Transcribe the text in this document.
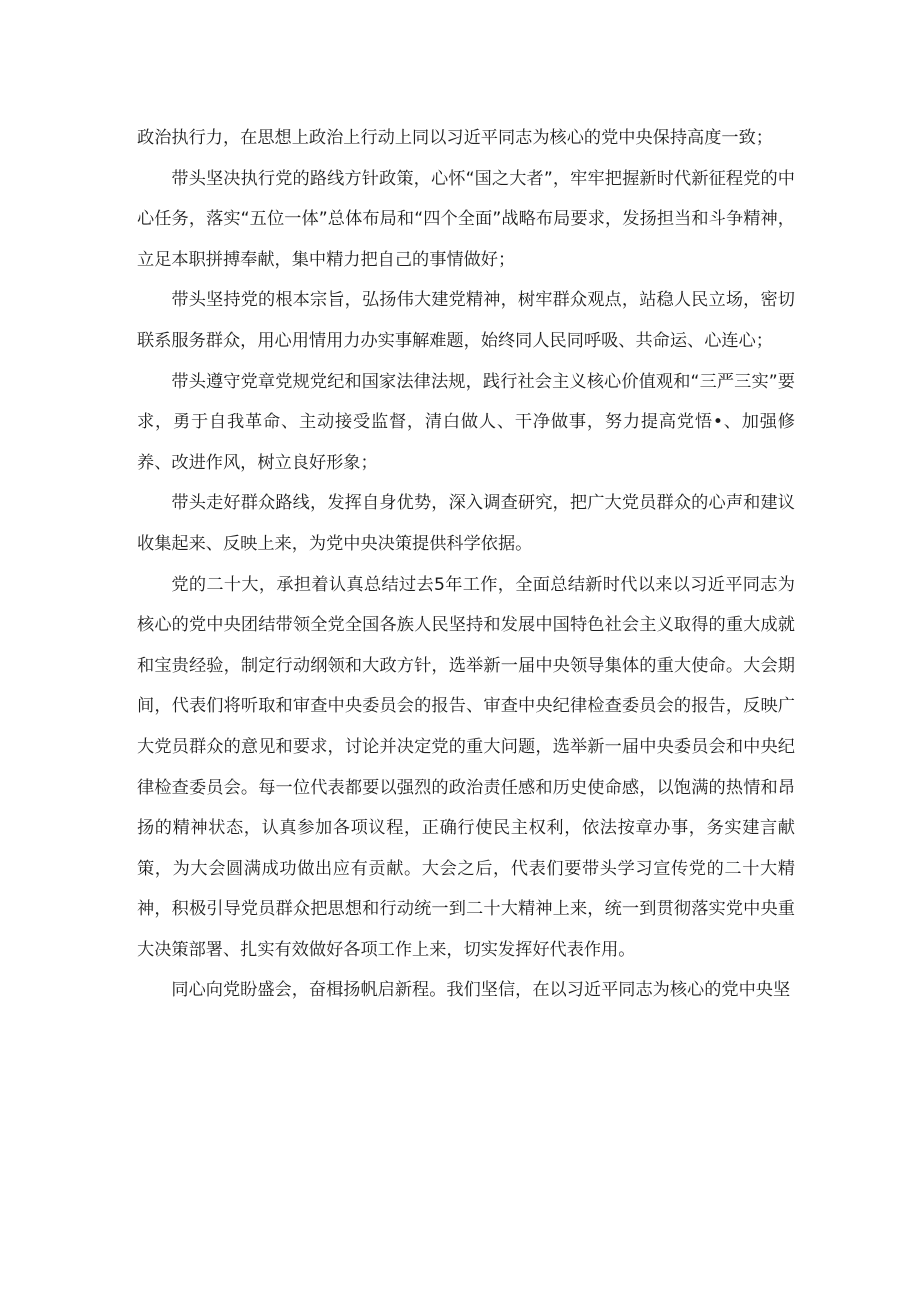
政治执行力，在思想上政治上行动上同以习近平同志为核心的党中央保持高度一致；

带头坚决执行党的路线方针政策，心怀“国之大者”，牢牢把握新时代新征程党的中心任务，落实“五位一体”总体布局和“四个全面”战略布局要求，发扬担当和斗争精神，立足本职拼搏奉献，集中精力把自己的事情做好；

带头坚持党的根本宗旨，弘扬伟大建党精神，树牢群众观点，站稳人民立场，密切联系服务群众，用心用情用力办实事解难题，始终同人民同呼吸、共命运、心连心；

带头遵守党章党规党纪和国家法律法规，践行社会主义核心价值观和“三严三实”要求，勇于自我革命、主动接受监督，清白做人、干净做事，努力提高党悟•、加强修养、改进作风，树立良好形象；

带头走好群众路线，发挥自身优势，深入调查研究，把广大党员群众的心声和建议收集起来、反映上来，为党中央决策提供科学依据。

党的二十大，承担着认真总结过去5年工作，全面总结新时代以来以习近平同志为核心的党中央团结带领全党全国各族人民坚持和发展中国特色社会主义取得的重大成就和宝贵经验，制定行动纲领和大政方针，选举新一届中央领导集体的重大使命。大会期间，代表们将听取和审查中央委员会的报告、审查中央纪律检查委员会的报告，反映广大党员群众的意见和要求，讨论并决定党的重大问题，选举新一届中央委员会和中央纪律检查委员会。每一位代表都要以强烈的政治责任感和历史使命感，以饱满的热情和昂扬的精神状态，认真参加各项议程，正确行使民主权利，依法按章办事，务实建言献策，为大会圆满成功做出应有贡献。大会之后，代表们要带头学习宣传党的二十大精神，积极引导党员群众把思想和行动统一到二十大精神上来，统一到贯彻落实党中央重大决策部署、扎实有效做好各项工作上来，切实发挥好代表作用。

同心向党盼盛会，奋楫扬帆启新程。我们坚信，在以习近平同志为核心的党中央坚
